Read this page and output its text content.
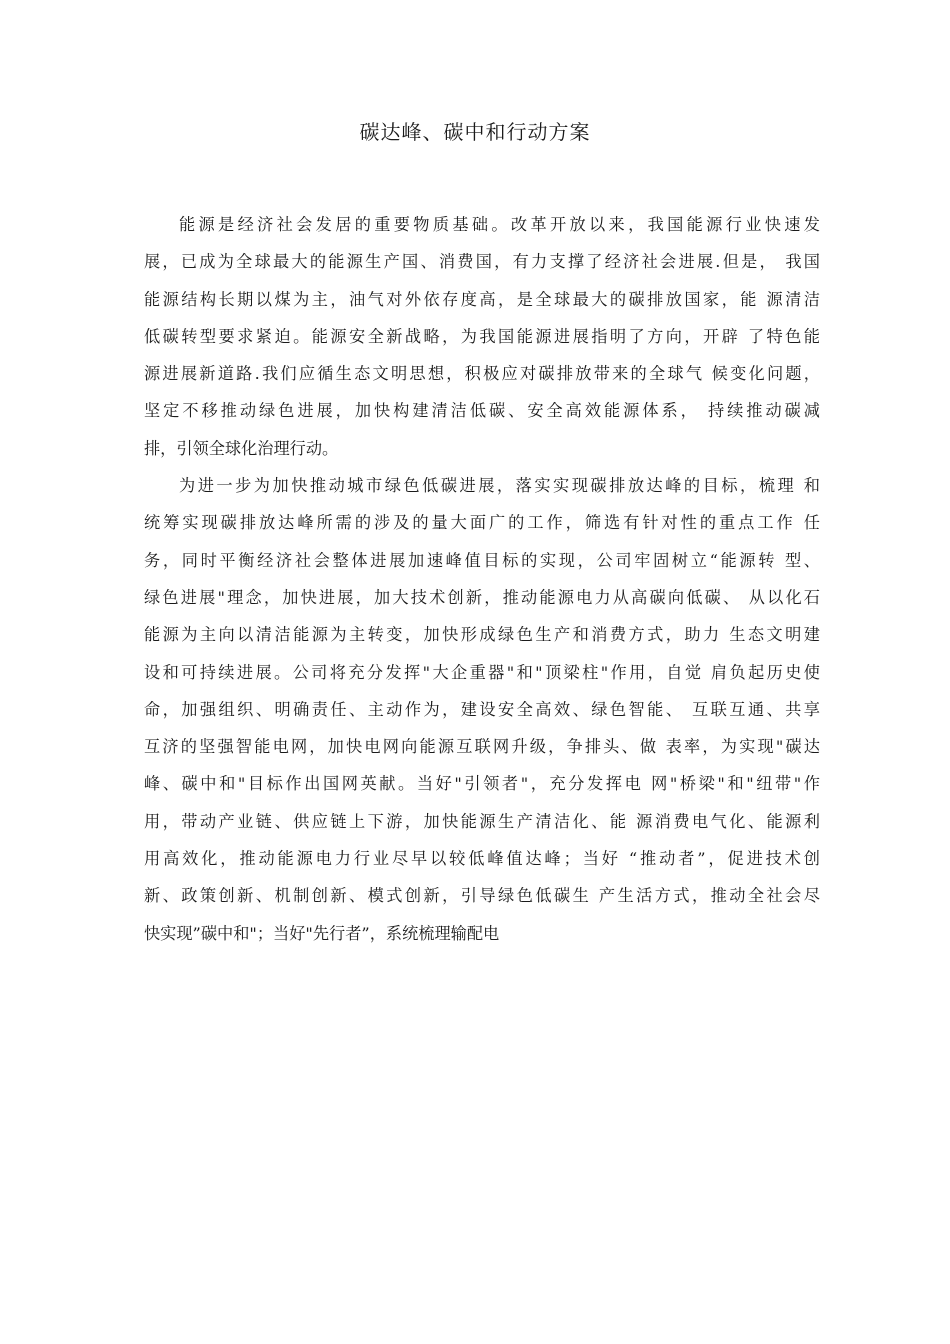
碳达峰、碳中和行动方案
能源是经济社会发居的重要物质基础。改革开放以来，我国能源行业快速发
展，已成为全球最大的能源生产国、消费国，有力支撑了经济社会进展.但是， 我国
能源结构长期以煤为主，油气对外依存度高，是全球最大的碳排放国家，能 源清洁
低碳转型要求紧迫。能源安全新战略，为我国能源进展指明了方向，开辟 了特色能
源进展新道路.我们应循生态文明思想，积极应对碳排放带来的全球气 候变化问题，
坚定不移推动绿色进展，加快构建清洁低碳、安全高效能源体系， 持续推动碳减
排，引领全球化治理行动。
为进一步为加快推动城市绿色低碳进展，落实实现碳排放达峰的目标，梳理 和
统筹实现碳排放达峰所需的涉及的量大面广的工作，筛选有针对性的重点工作 任
务，同时平衡经济社会整体进展加速峰值目标的实现，公司牢固树立“能源转 型、
绿色进展"理念，加快进展，加大技术创新，推动能源电力从高碳向低碳、 从以化石
能源为主向以清洁能源为主转变，加快形成绿色生产和消费方式，助力 生态文明建
设和可持续进展。公司将充分发挥"大企重器"和"顶梁柱"作用，自觉 肩负起历史使
命，加强组织、明确责任、主动作为，建设安全高效、绿色智能、 互联互通、共享
互济的坚强智能电网，加快电网向能源互联网升级，争排头、做 表率，为实现"碳达
峰、碳中和"目标作出国网英献。当好"引领者"，充分发挥电 网"桥梁"和"纽带"作
用，带动产业链、供应链上下游，加快能源生产清洁化、能 源消费电气化、能源利
用高效化，推动能源电力行业尽早以较低峰值达峰；当好 “推动者”，促进技术创
新、政策创新、机制创新、模式创新，引导绿色低碳生 产生活方式，推动全社会尽
快实现”碳中和"；当好"先行者”，系统梳理输配电
